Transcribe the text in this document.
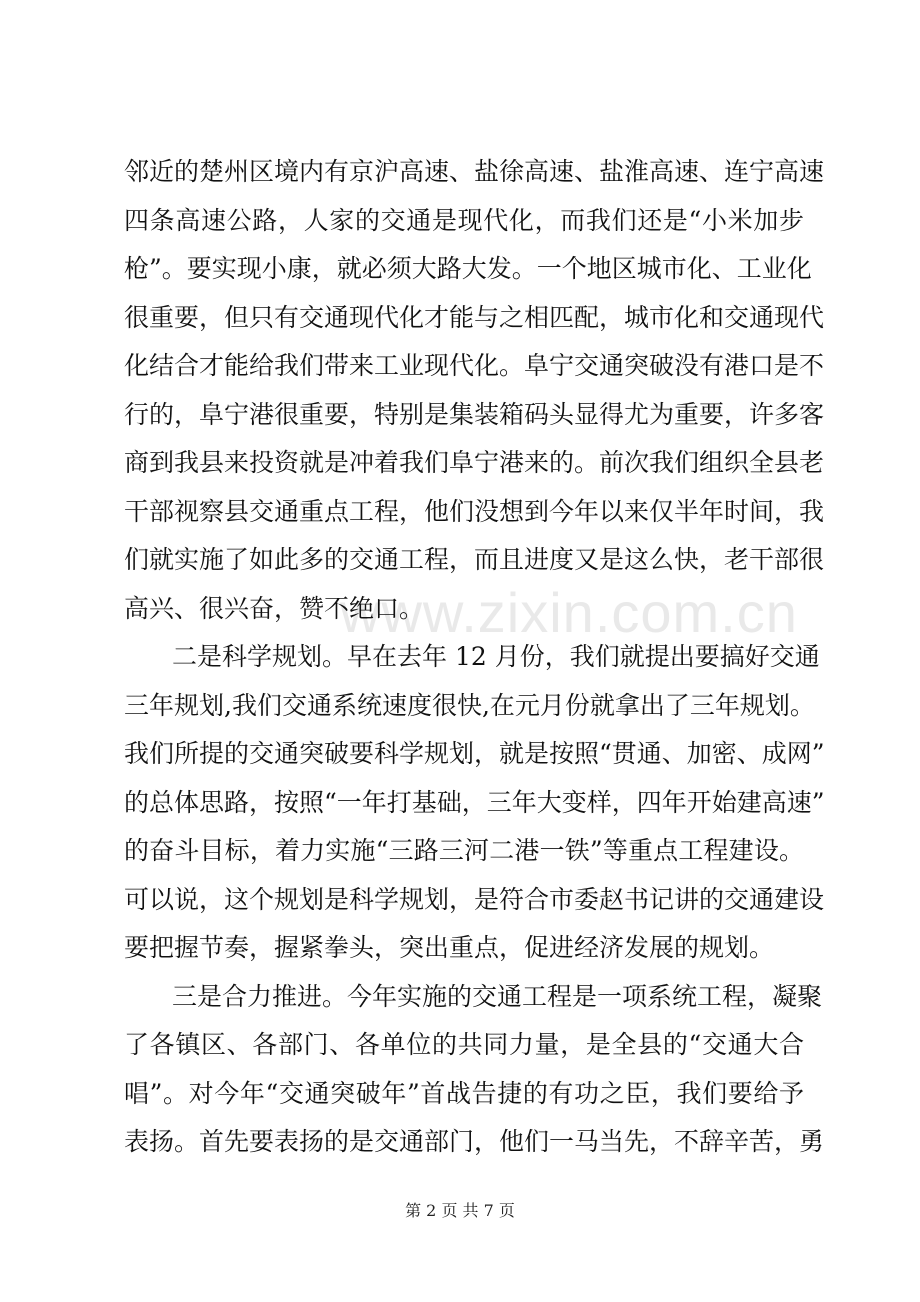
www.zixin.com.cn
邻近的楚州区境内有京沪高速、盐徐高速、盐淮高速、连宁高速
四条高速公路，人家的交通是现代化，而我们还是“小米加步
枪”。要实现小康，就必须大路大发。一个地区城市化、工业化
很重要，但只有交通现代化才能与之相匹配，城市化和交通现代
化结合才能给我们带来工业现代化。阜宁交通突破没有港口是不
行的，阜宁港很重要，特别是集装箱码头显得尤为重要，许多客
商到我县来投资就是冲着我们阜宁港来的。前次我们组织全县老
干部视察县交通重点工程，他们没想到今年以来仅半年时间，我
们就实施了如此多的交通工程，而且进度又是这么快，老干部很
高兴、很兴奋，赞不绝口。
二是科学规划。早在去年 12 月份，我们就提出要搞好交通
三年规划,我们交通系统速度很快,在元月份就拿出了三年规划。
我们所提的交通突破要科学规划，就是按照“贯通、加密、成网”
的总体思路，按照“一年打基础，三年大变样，四年开始建高速”
的奋斗目标，着力实施“三路三河二港一铁”等重点工程建设。
可以说，这个规划是科学规划，是符合市委赵书记讲的交通建设
要把握节奏，握紧拳头，突出重点，促进经济发展的规划。
三是合力推进。今年实施的交通工程是一项系统工程，凝聚
了各镇区、各部门、各单位的共同力量，是全县的“交通大合
唱”。对今年“交通突破年”首战告捷的有功之臣，我们要给予
表扬。首先要表扬的是交通部门，他们一马当先，不辞辛苦，勇
第 2 页 共 7 页
